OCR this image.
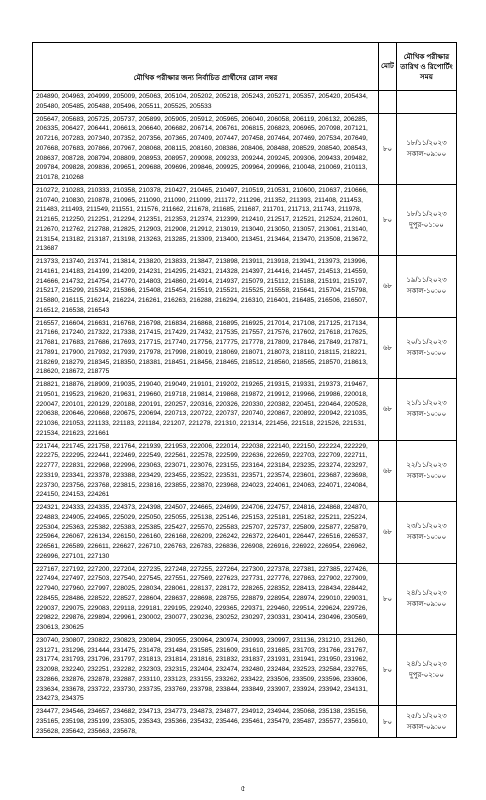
মৌখিক পরীক্ষার জন্য নির্বাচিত প্রার্থীদের রোল নম্বর	মোট	মৌখিক পরীক্ষার তারিখ ও রিপোর্টিং সময়
204890, 204963, 204999, 205009, 205063, 205104, 205202, 205218, 205243, 205271, 205357, 205420, 205434, 205480, 205485, 205488, 205496, 205511, 205525, 205533		

205647, 205683, 205725, 205737, 205899, 205905, 205912, 205965, 206040, 206058, 206119, 206132, 206285, 206335, 206427, 206441, 206613, 206640, 206682, 206714, 206761, 206815, 206823, 206965, 207098, 207121, 207216, 207283, 207340, 207352, 207356, 207365, 207409, 207447, 207458, 207464, 207469, 207534, 207649, 207668, 207683, 207866, 207967, 208068, 208115, 208160, 208386, 208406, 208488, 208529, 208540, 208543, 208637, 208728, 208794, 208809, 208953, 208957, 209098, 209233, 209244, 209245, 209306, 209433, 209482, 209784, 209828, 209836, 209651, 209688, 209696, 209846, 209925, 209964, 209966, 210048, 210069, 210113, 210178, 210268	৮০	১৮/১১/২০২৩
সকাল-০৯:০০

210272, 210283, 210333, 210358, 210378, 210427, 210465, 210497, 210519, 210531, 210600, 210637, 210666, 210740, 210830, 210878, 210965, 211090, 211090, 211099, 211172, 211296, 211352, 211393, 211408, 211453, 211483, 211493, 211549, 211551, 211576, 211662, 211678, 211685, 211687, 211701, 211713, 211743, 211978, 212165, 212250, 212251, 212294, 212351, 212353, 212374, 212399, 212410, 212517, 212521, 212524, 212601, 212670, 212762, 212788, 212825, 212903, 212908, 212912, 213019, 213040, 213050, 213057, 213061, 213140, 213154, 213182, 213187, 213198, 213263, 213285, 213309, 213400, 213451, 213464, 213470, 213508, 213672, 213687	৮০	১৮/১১/২০২৩
দুপুর-০১:০০

213733, 213740, 213741, 213814, 213820, 213833, 213847, 213898, 213911, 213918, 213941, 213973, 213996, 214161, 214183, 214199, 214209, 214231, 214295, 214321, 214328, 214397, 214416, 214457, 214513, 214559, 214666, 214732, 214754, 214770, 214803, 214860, 214914, 214937, 215079, 215112, 215188, 215191, 215197, 215217, 215299, 215342, 215366, 215408, 215454, 215519, 215521, 215525, 215558, 215641, 215704, 215798, 215880, 216115, 216214, 216224, 216261, 216263, 216288, 216294, 216310, 216401, 216485, 216506, 216507, 216512, 216538, 216543	৬৮	১৯/১১/২০২৩
সকাল-১০:০০

216557, 216604, 216631, 216768, 216798, 216834, 216868, 216895, 216925, 217014, 217108, 217125, 217134, 217166, 217240, 217322, 217338, 217415, 217429, 217432, 217535, 217557, 217576, 217602, 217618, 217625, 217681, 217683, 217686, 217693, 217715, 217740, 217756, 217775, 217778, 217809, 217846, 217849, 217871, 217891, 217900, 217932, 217939, 217978, 217998, 218019, 218069, 218071, 218073, 218110, 218115, 218221, 218269, 218279, 218345, 218350, 218381, 218451, 218456, 218465, 218512, 218560, 218565, 218570, 218613, 218620, 218672, 218775	৬৮	২০/১১/২০২৩
সকাল-১০:০০

218821, 218876, 218909, 219035, 219040, 219049, 219101, 219202, 219265, 219315, 219331, 219373, 219467, 219501, 219523, 219620, 219631, 219660, 219718, 219814, 219868, 219872, 219912, 219966, 219986, 220018, 220047, 220101, 220129, 220188, 220191, 220257, 220316, 220326, 220330, 220382, 220451, 220464, 220528, 220638, 220646, 220668, 220675, 220694, 220713, 220722, 220737, 220740, 220867, 220892, 220942, 221035, 221036, 221053, 221133, 221183, 221184, 221207, 221278, 221310, 221314, 221456, 221518, 221526, 221531, 221534, 221623, 221661	৬৮	২১/১১/২০২৩
সকাল-১০:০০

221744, 221745, 221758, 221764, 221939, 221953, 222006, 222014, 222038, 222140, 222150, 222224, 222229, 222275, 222295, 222441, 222469, 222549, 222561, 222578, 222599, 222636, 222659, 222703, 222709, 222711, 222777, 222831, 222968, 222996, 223063, 223071, 223076, 223155, 223164, 223184, 223235, 223274, 223297, 223319, 223341, 223378, 223388, 223429, 223455, 223522, 223531, 223571, 223574, 223601, 223687, 223698, 223730, 223756, 223768, 223815, 223816, 223855, 223870, 223968, 224023, 224061, 224063, 224071, 224084, 224150, 224153, 224261	৬৮	২২/১১/২০২৩
সকাল-১০:০০

224321, 224333, 224335, 224373, 224398, 224507, 224665, 224699, 224706, 224757, 224816, 224868, 224870, 224883, 224905, 224965, 225029, 225050, 225055, 225138, 225146, 225153, 225181, 225182, 225211, 225224, 225304, 225363, 225382, 225383, 225385, 225427, 225570, 225583, 225707, 225737, 225809, 225877, 225879, 225964, 226067, 226134, 226150, 226160, 226168, 226209, 226242, 226372, 226401, 226447, 226516, 226537, 226561, 226589, 226611, 226627, 226710, 226763, 226783, 226836, 226908, 226916, 226922, 226954, 226962, 226996, 227101, 227130	৬৮	২৩/১১/২০২৩
সকাল-১০:০০

227167, 227192, 227200, 227204, 227235, 227248, 227255, 227264, 227300, 227378, 227381, 227385, 227426, 227494, 227497, 227503, 227540, 227545, 227551, 227569, 227623, 227731, 227776, 227863, 227902, 227909, 227940, 227960, 227997, 228025, 228034, 228061, 228137, 228172, 228265, 228352, 228413, 228434, 228442, 228455, 228486, 228522, 228527, 228604, 228637, 228698, 228755, 228879, 228954, 228974, 229010, 229031, 229037, 229075, 229083, 229118, 229181, 229195, 229240, 229365, 229371, 229460, 229514, 229624, 229726, 229822, 229876, 229894, 229961, 230002, 230077, 230236, 230252, 230297, 230331, 230414, 230496, 230569, 230613, 230625	৮০	২৪/১১/২০২৩
সকাল-০৯:০০

230740, 230807, 230822, 230823, 230894, 230955, 230964, 230974, 230993, 230997, 231136, 231210, 231260, 231271, 231296, 231444, 231475, 231478, 231484, 231585, 231609, 231610, 231685, 231703, 231766, 231767, 231774, 231793, 231796, 231797, 231813, 231814, 231816, 231832, 231837, 231931, 231941, 231950, 231962, 232098, 232240, 232251, 232282, 232303, 232315, 232404, 232474, 232480, 232484, 232523, 232584, 232765, 232866, 232876, 232878, 232887, 233110, 233123, 233155, 233262, 233422, 233506, 233509, 233596, 233606, 233634, 233678, 233722, 233730, 233735, 233769, 233798, 233844, 233849, 233907, 233924, 233942, 234131, 234273, 234375	৮০	২৪/১১/২০২৩
দুপুর-০২:০০

234477, 234546, 234657, 234682, 234713, 234773, 234873, 234877, 234912, 234944, 235068, 235138, 235156, 235165, 235198, 235199, 235305, 235343, 235366, 235432, 235446, 235461, 235479, 235487, 235577, 235610, 235628, 235642, 235663, 235678,	৮০	২৫/১১/২০২৩
সকাল-০৯:০০
৫
